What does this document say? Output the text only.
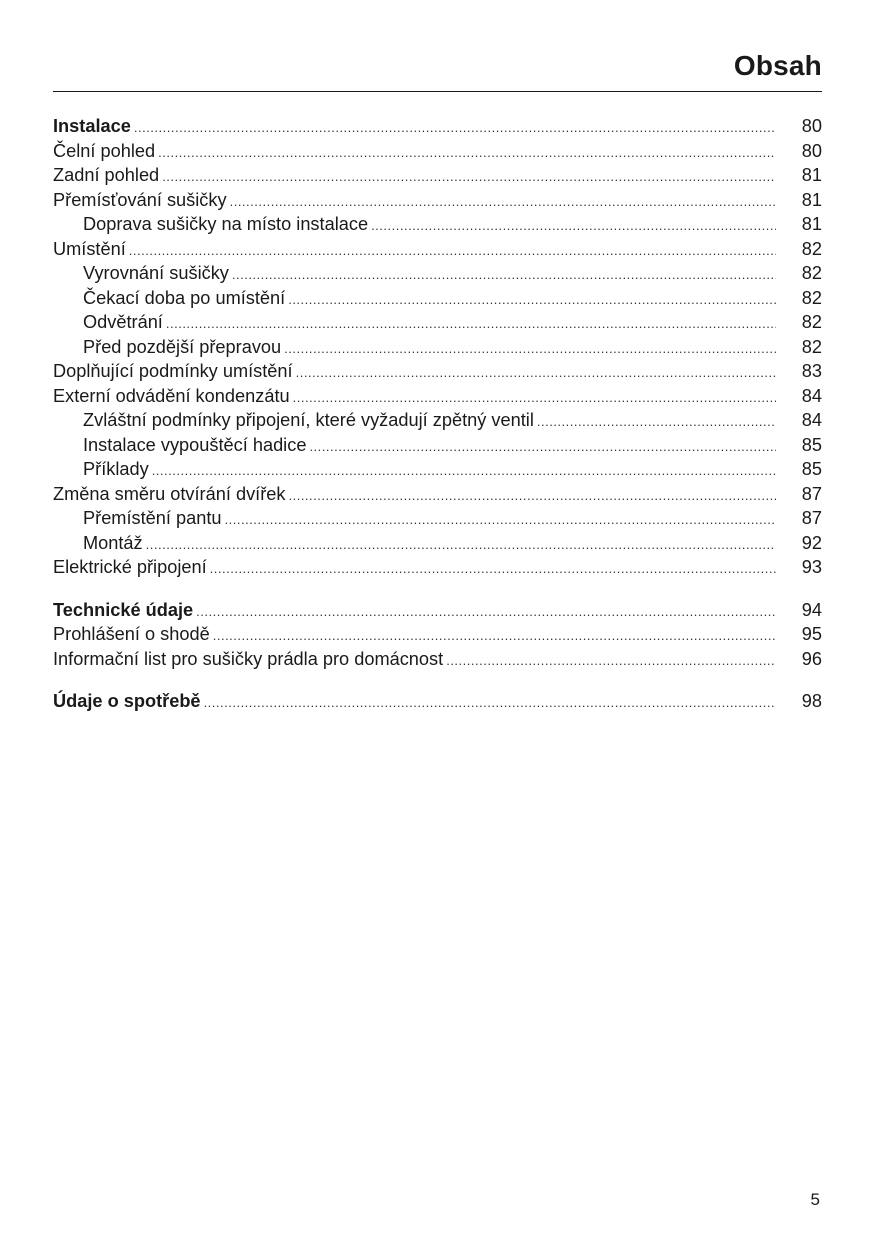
Obsah
Instalace .....	80
Čelní pohled .....	80
Zadní pohled .....	81
Přemísťování sušičky .....	81
Doprava sušičky na místo instalace .....	81
Umístění .....	82
Vyrovnání sušičky .....	82
Čekací doba po umístění .....	82
Odvětrání .....	82
Před pozdější přepravou .....	82
Doplňující podmínky umístění .....	83
Externí odvádění kondenzátu .....	84
Zvláštní podmínky připojení, které vyžadují zpětný ventil .....	84
Instalace vypouštěcí hadice .....	85
Příklady .....	85
Změna směru otvírání dvířek .....	87
Přemístění pantu .....	87
Montáž .....	92
Elektrické připojení .....	93
Technické údaje .....	94
Prohlášení o shodě .....	95
Informační list pro sušičky prádla pro domácnost .....	96
Údaje o spotřebě .....	98
5
